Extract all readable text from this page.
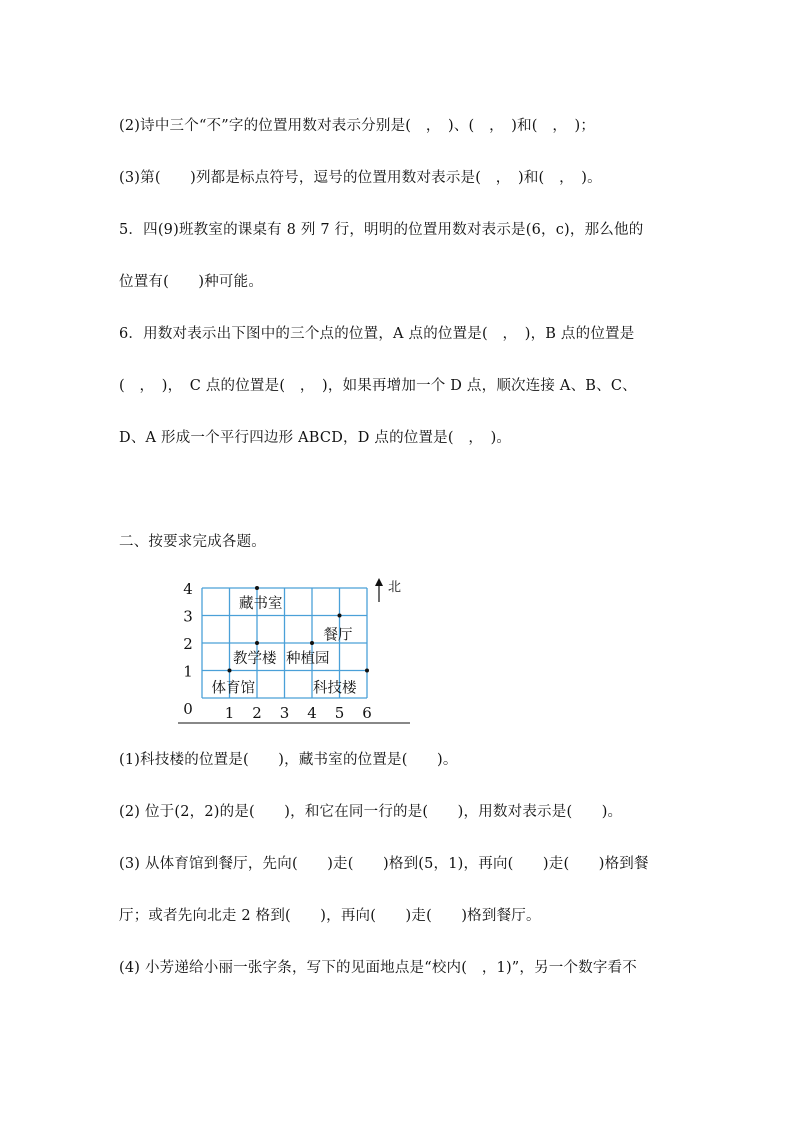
(2)诗中三个“不”字的位置用数对表示分别是(　，　)、(　，　)和(　，　)；
(3)第(　　)列都是标点符号，逗号的位置用数对表示是(　，　)和(　，　)。
5．四(9)班教室的课桌有 8 列 7 行，明明的位置用数对表示是(6，c)，那么他的
位置有(　　)种可能。
6．用数对表示出下图中的三个点的位置，A 点的位置是(　，　)，B 点的位置是
(　，　)，　C 点的位置是(　，　)，如果再增加一个 D 点，顺次连接 A、B、C、
D、A 形成一个平行四边形 ABCD，D 点的位置是(　，　)。
二、按要求完成各题。
4
3
2
1
0 1 2 3 4 5 6
北
藏书室
餐厅
教学楼 种植园
体育馆	科技楼
(1)科技楼的位置是(　　)，藏书室的位置是(　　)。
(2) 位于(2，2)的是(　　)，和它在同一行的是(　　)，用数对表示是(　　)。
(3) 从体育馆到餐厅，先向(　　)走(　　)格到(5，1)，再向(　　)走(　　)格到餐
厅；或者先向北走 2 格到(　　)，再向(　　)走(　　)格到餐厅。
(4) 小芳递给小丽一张字条，写下的见面地点是“校内(　，1)”，另一个数字看不
